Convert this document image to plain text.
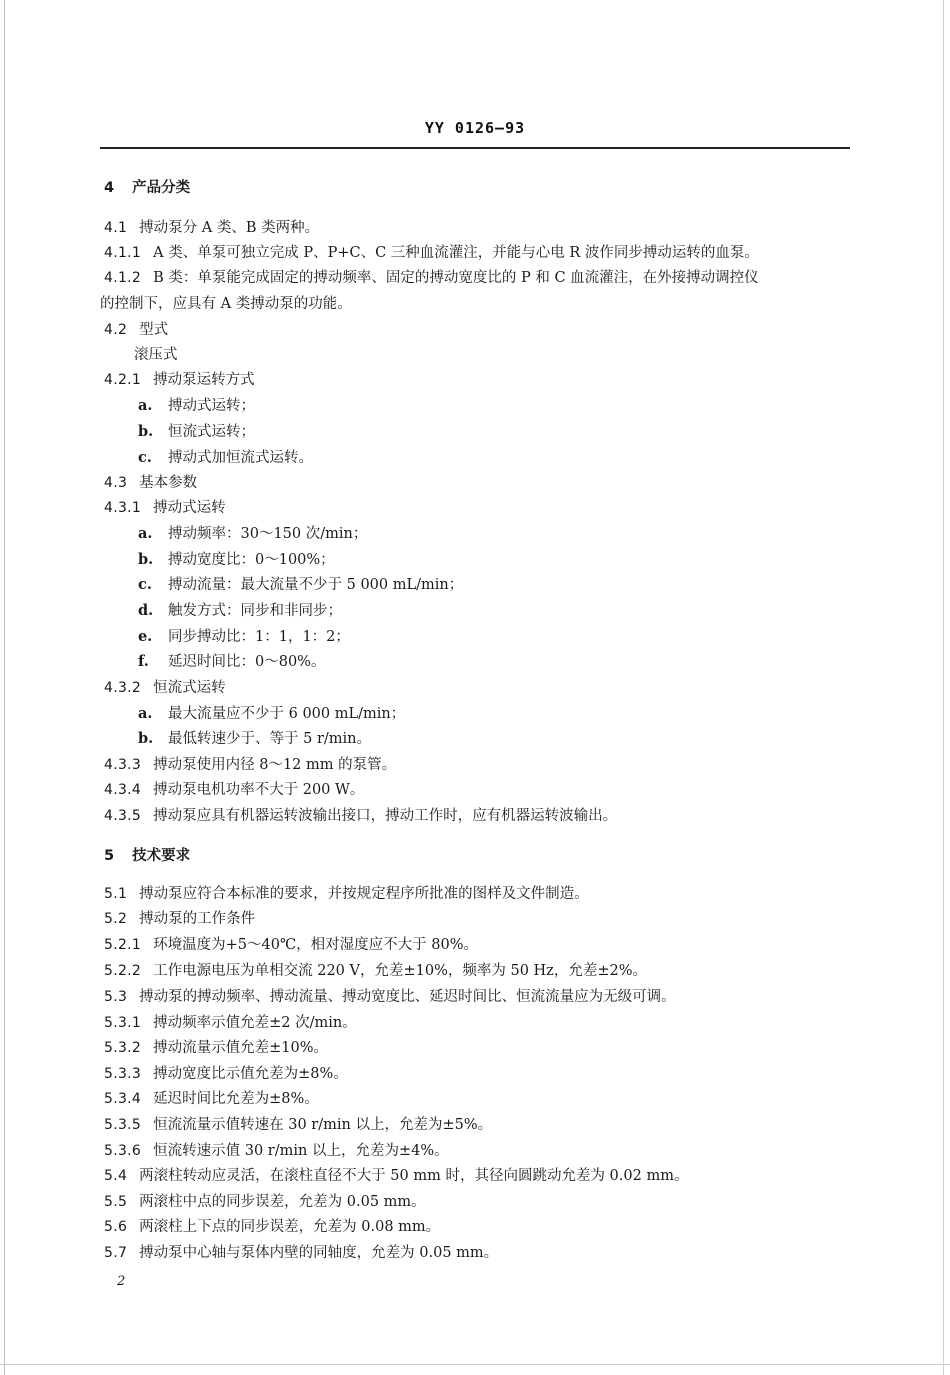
YY 0126—93
4 产品分类
4.1 搏动泵分 A 类、B 类两种。
4.1.1 A 类、单泵可独立完成 P、P+C、C 三种血流灌注，并能与心电 R 波作同步搏动运转的血泵。
4.1.2 B 类：单泵能完成固定的搏动频率、固定的搏动宽度比的 P 和 C 血流灌注，在外接搏动调控仪
的控制下，应具有 A 类搏动泵的功能。
4.2 型式
滚压式
4.2.1 搏动泵运转方式
a. 搏动式运转；
b. 恒流式运转；
c. 搏动式加恒流式运转。
4.3 基本参数
4.3.1 搏动式运转
a. 搏动频率：30～150 次/min；
b. 搏动宽度比：0～100%；
c. 搏动流量：最大流量不少于 5 000 mL/min；
d. 触发方式：同步和非同步；
e. 同步搏动比：1：1，1：2；
f. 延迟时间比：0～80%。
4.3.2 恒流式运转
a. 最大流量应不少于 6 000 mL/min；
b. 最低转速少于、等于 5 r/min。
4.3.3 搏动泵使用内径 8～12 mm 的泵管。
4.3.4 搏动泵电机功率不大于 200 W。
4.3.5 搏动泵应具有机器运转波输出接口，搏动工作时，应有机器运转波输出。
5 技术要求
5.1 搏动泵应符合本标准的要求，并按规定程序所批准的图样及文件制造。
5.2 搏动泵的工作条件
5.2.1 环境温度为+5～40℃，相对湿度应不大于 80%。
5.2.2 工作电源电压为单相交流 220 V，允差±10%，频率为 50 Hz，允差±2%。
5.3 搏动泵的搏动频率、搏动流量、搏动宽度比、延迟时间比、恒流流量应为无级可调。
5.3.1 搏动频率示值允差±2 次/min。
5.3.2 搏动流量示值允差±10%。
5.3.3 搏动宽度比示值允差为±8%。
5.3.4 延迟时间比允差为±8%。
5.3.5 恒流流量示值转速在 30 r/min 以上，允差为±5%。
5.3.6 恒流转速示值 30 r/min 以上，允差为±4%。
5.4 两滚柱转动应灵活，在滚柱直径不大于 50 mm 时，其径向圆跳动允差为 0.02 mm。
5.5 两滚柱中点的同步误差，允差为 0.05 mm。
5.6 两滚柱上下点的同步误差，允差为 0.08 mm。
5.7 搏动泵中心轴与泵体内壁的同轴度，允差为 0.05 mm。
2
